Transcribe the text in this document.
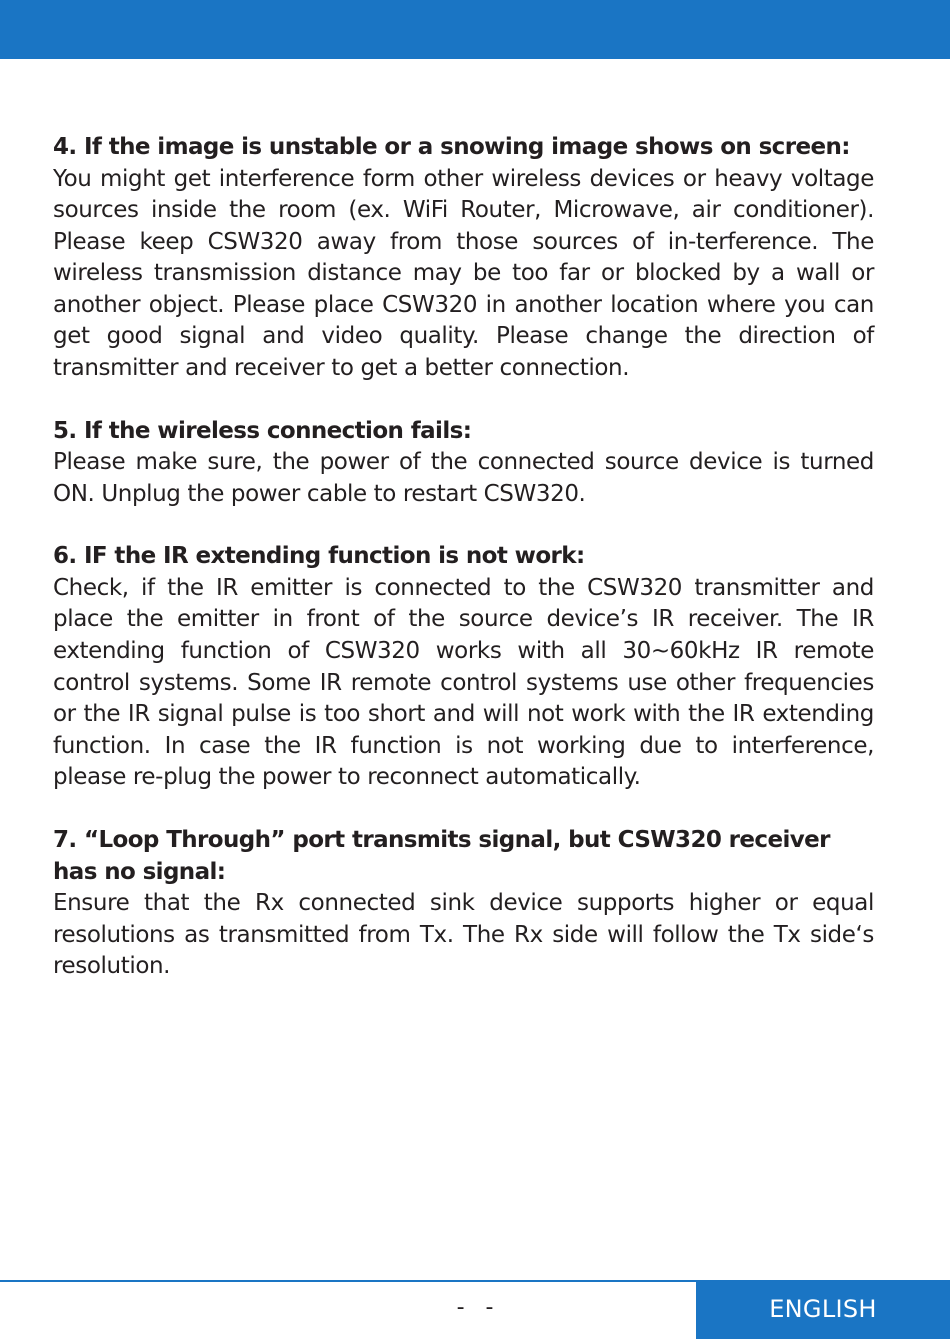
4. If the image is unstable or a snowing image shows on screen:

You might get interference form other wireless devices or heavy voltage sources inside the room (ex. WiFi Router, Microwave, air conditioner). Please keep CSW320 away from those sources of in-terference. The wireless transmission distance may be too far or blocked by a wall or another object. Please place CSW320 in another location where you can get good signal and video quality. Please change the direction of transmitter and receiver to get a better connection.

5. If the wireless connection fails:

Please make sure, the power of the connected source device is turned ON. Unplug the power cable to restart CSW320.

6. IF the IR extending function is not work:

Check, if the IR emitter is connected to the CSW320 transmitter and place the emitter in front of the source device’s IR receiver. The IR extending function of CSW320 works with all 30~60kHz IR remote control systems. Some IR remote control systems use other frequencies or the IR signal pulse is too short and will not work with the IR extending function. In case the IR function is not working due to interference, please re-plug the power to reconnect automatically.

7. “Loop Through” port transmits signal, but CSW320 receiver has no signal:

Ensure that the Rx connected sink device supports higher or equal resolutions as transmitted from Tx. The Rx side will follow the Tx side‘s resolution.

-   -	ENGLISH
